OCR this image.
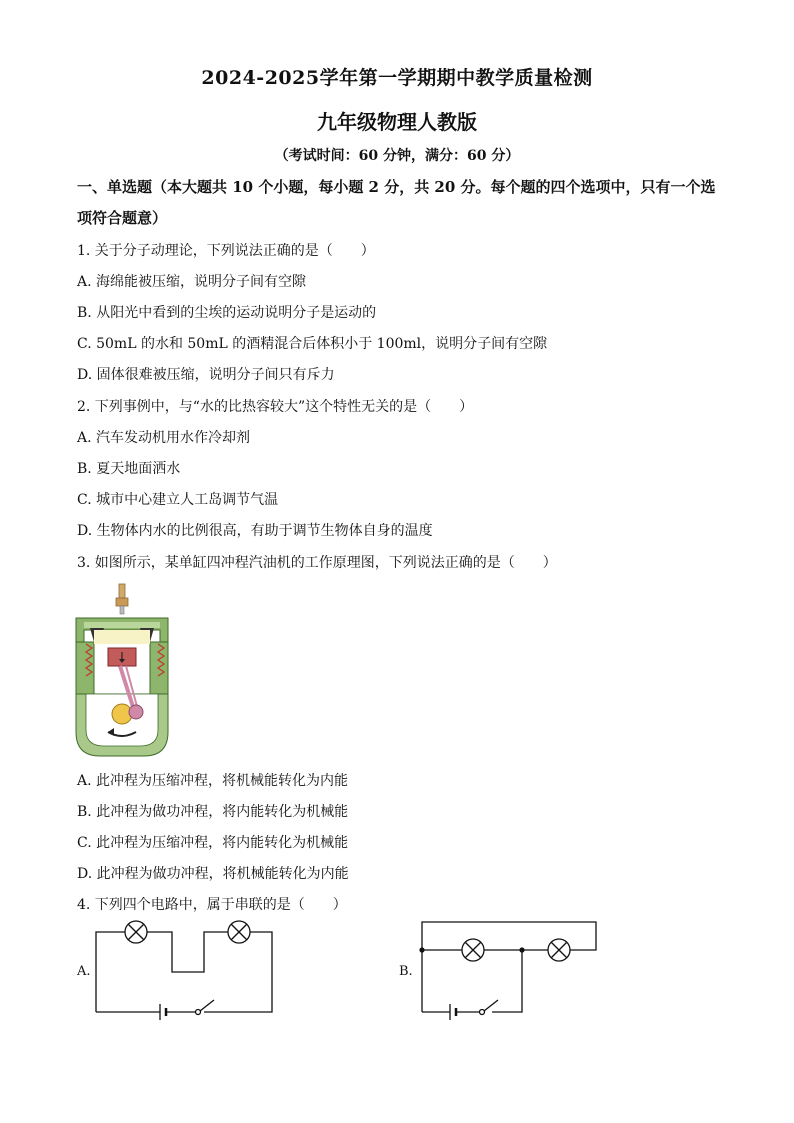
2024-2025学年第一学期期中教学质量检测
九年级物理人教版
（考试时间：60 分钟，满分：60 分）
一、单选题（本大题共 10 个小题，每小题 2 分，共 20 分。每个题的四个选项中，只有一个选项符合题意）
1. 关于分子动理论，下列说法正确的是（　　）
A. 海绵能被压缩，说明分子间有空隙
B. 从阳光中看到的尘埃的运动说明分子是运动的
C. 50mL 的水和 50mL 的酒精混合后体积小于 100ml，说明分子间有空隙
D. 固体很难被压缩，说明分子间只有斥力
2. 下列事例中，与“水的比热容较大”这个特性无关的是（　　）
A. 汽车发动机用水作冷却剂
B. 夏天地面洒水
C. 城市中心建立人工岛调节气温
D. 生物体内水的比例很高，有助于调节生物体自身的温度
3. 如图所示，某单缸四冲程汽油机的工作原理图，下列说法正确的是（　　）
A. 此冲程为压缩冲程，将机械能转化为内能
B. 此冲程为做功冲程，将内能转化为机械能
C. 此冲程为压缩冲程，将内能转化为机械能
D. 此冲程为做功冲程，将机械能转化为内能
4. 下列四个电路中，属于串联的是（　　）
A.	B.
